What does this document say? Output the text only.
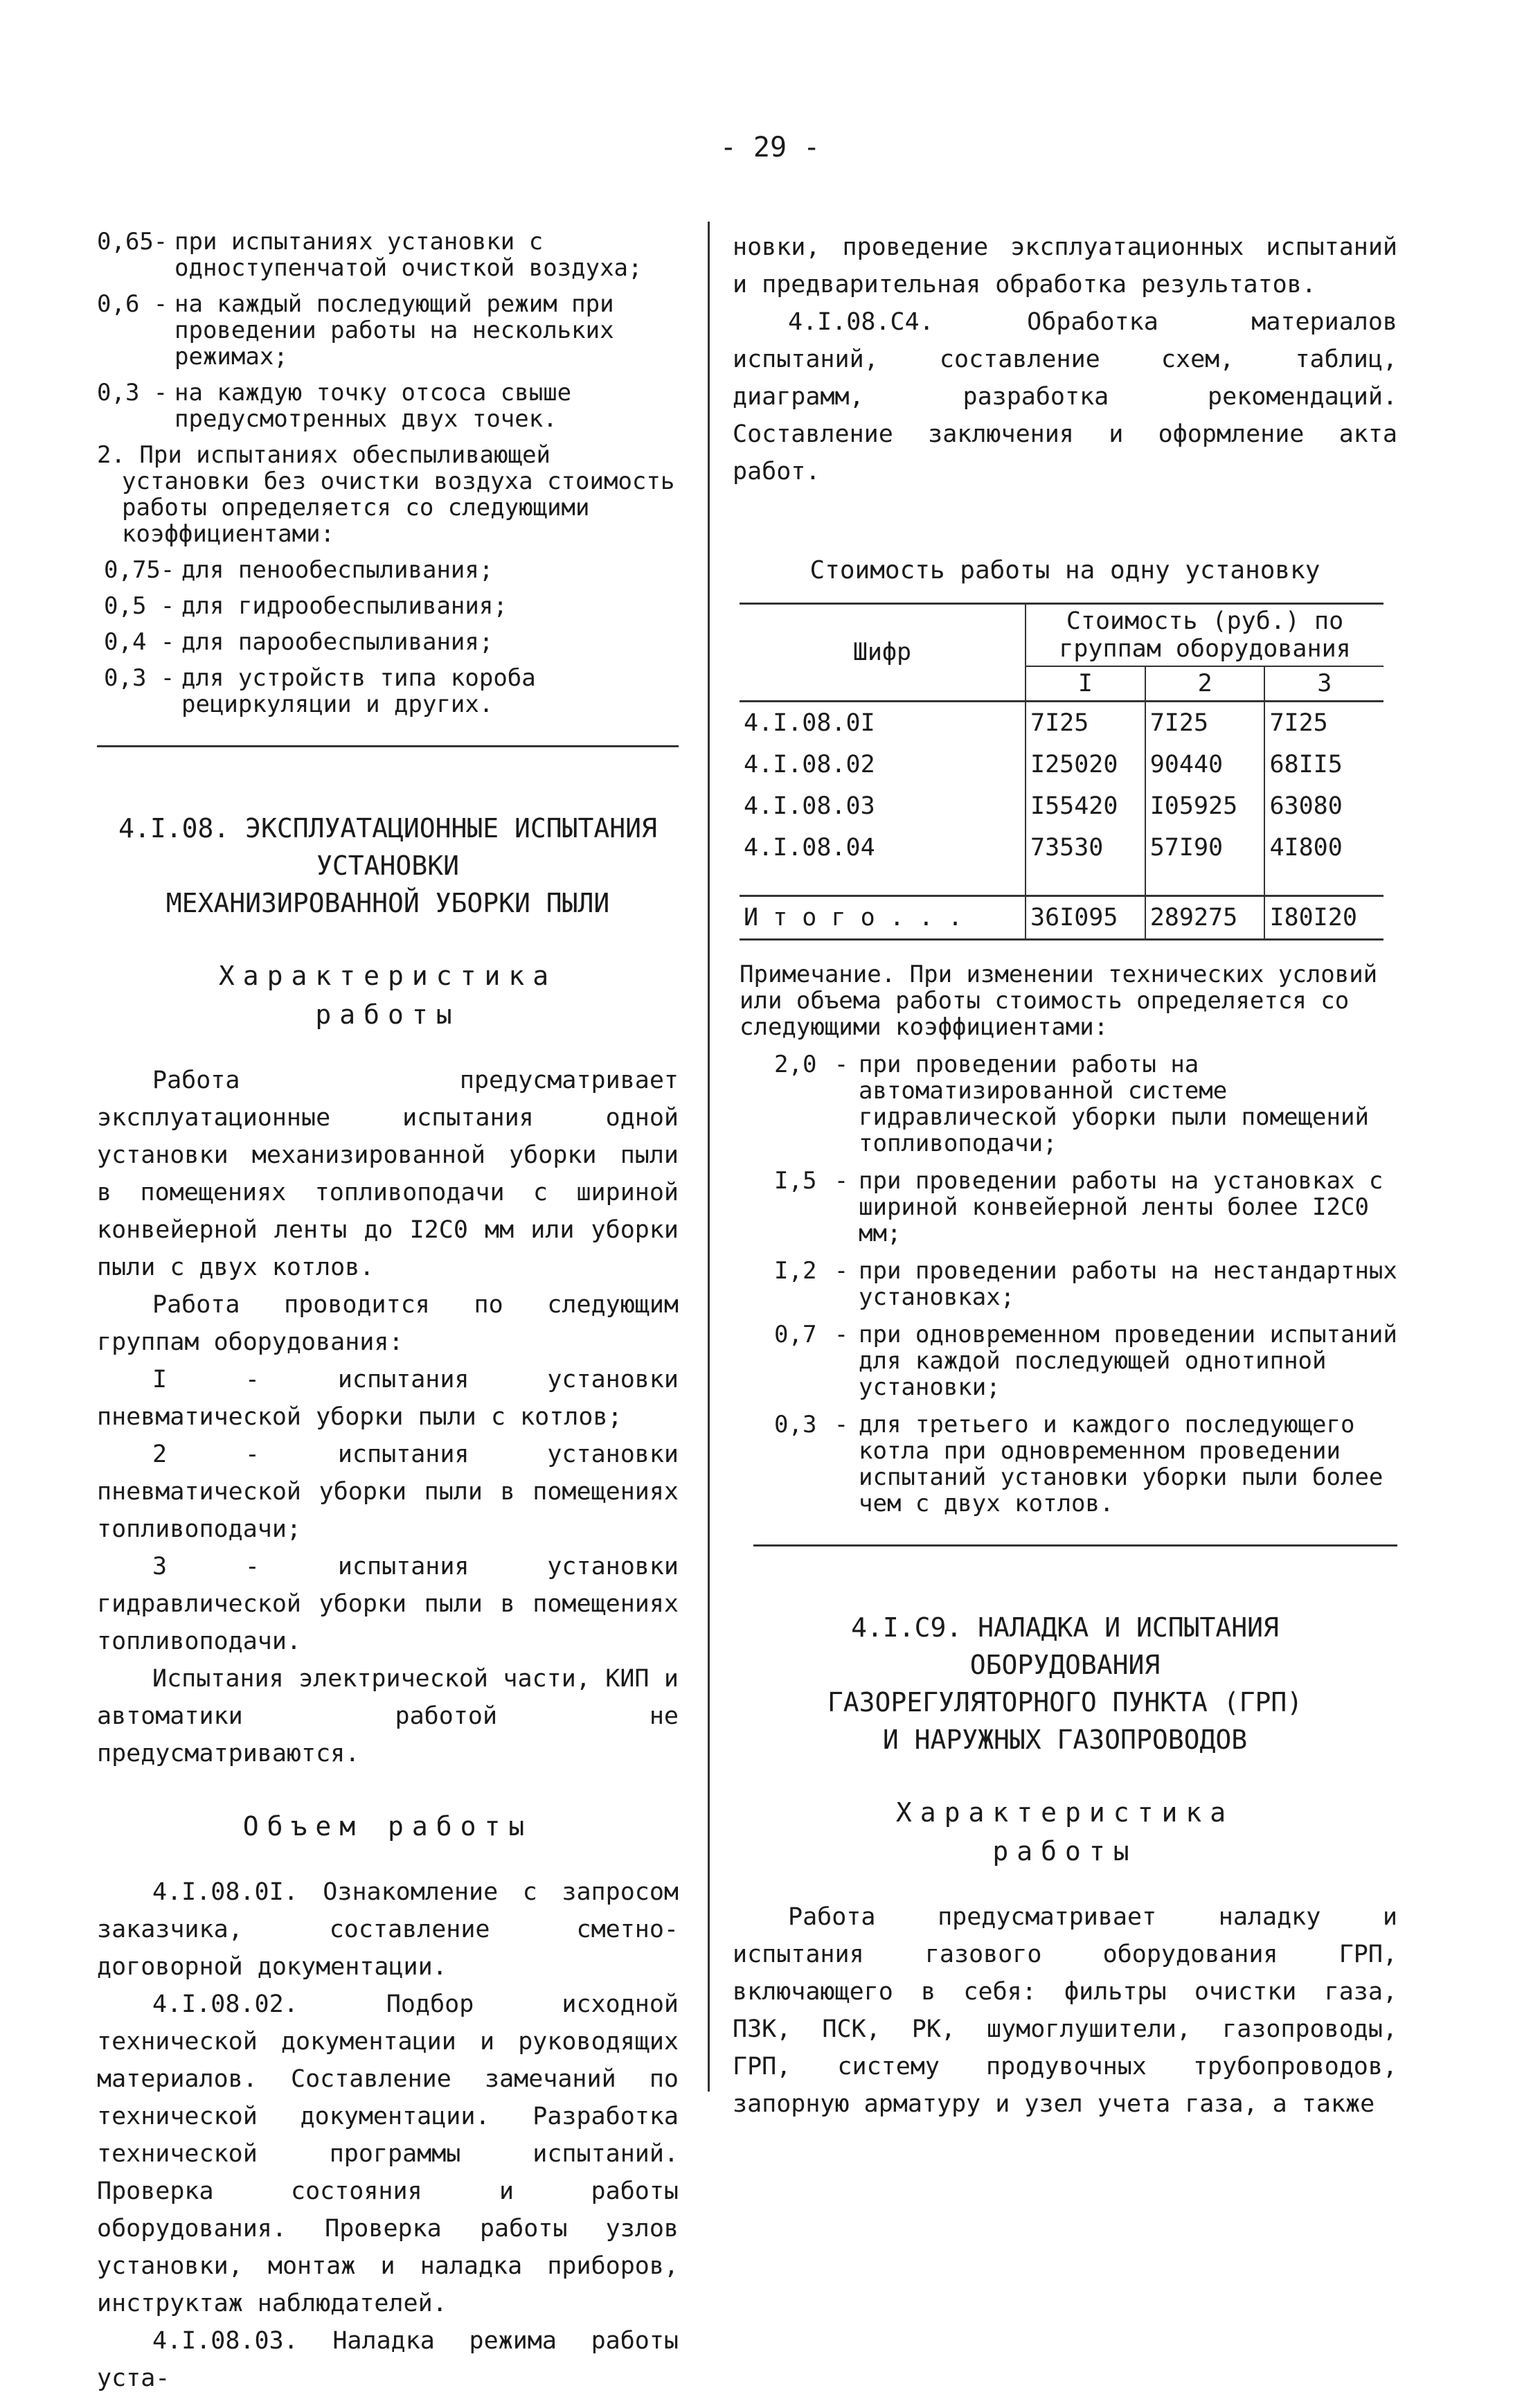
- 29 -
0,65 - при испытаниях установки с одноступенчатой очисткой воздуха;
0,6 - на каждый последующий режим при проведении работы на нескольких режимах;
0,3 - на каждую точку отсоса свыше предусмотренных двух точек.
2. При испытаниях обеспыливающей установки без очистки воздуха стоимость работы определяется со следующими коэффициентами:
0,75 - для пенообеспыливания;
0,5 - для гидрообеспыливания;
0,4 - для парообеспыливания;
0,3 - для устройств типа короба рециркуляции и других.
4.I.08. ЭКСПЛУАТАЦИОННЫЕ ИСПЫТАНИЯ
УСТАНОВКИ
МЕХАНИЗИРОВАННОЙ УБОРКИ ПЫЛИ
Характеристика
работы

Работа предусматривает эксплуатационные испытания одной установки механизированной уборки пыли в помещениях топливоподачи с шириной конвейерной ленты до I2С0 мм или уборки пыли с двух котлов.

Работа проводится по следующим группам оборудования:

I - испытания установки пневматической уборки пыли с котлов;

2 - испытания установки пневматической уборки пыли в помещениях топливоподачи;

3 - испытания установки гидравлической уборки пыли в помещениях топливоподачи.

Испытания электрической части, КИП и автоматики работой не предусматриваются.

Объем работы

4.I.08.0I. Ознакомление с запросом заказчика, составление сметно-договорной документации.

4.I.08.02. Подбор исходной технической документации и руководящих материалов. Составление замечаний по технической документации. Разработка технической программы испытаний. Проверка состояния и работы оборудования. Проверка работы узлов установки, монтаж и наладка приборов, инструктаж наблюдателей.

4.I.08.03. Наладка режима работы уста-

новки, проведение эксплуатационных испытаний и предварительная обработка результатов.

4.I.08.С4. Обработка материалов испытаний, составление схем, таблиц, диаграмм, разработка рекомендаций. Составление заключения и оформление акта работ.

Стоимость работы на одну установку
Шифр	Стоимость (руб.) по группам оборудования		
	I	2	3
4.I.08.0I	7I25	7I25	7I25
4.I.08.02	I25020	90440	68II5
4.I.08.03	I55420	I05925	63080
4.I.08.04	73530	57I90	4I800

И т о г о . . .	36I095	289275	I80I20
Примечание. При изменении технических условий или объема работы стоимость определяется со следующими коэффициентами:
2,0 - при проведении работы на автоматизированной системе гидравлической уборки пыли помещений топливоподачи;
I,5 - при проведении работы на установках с шириной конвейерной ленты более I2С0 мм;
I,2 - при проведении работы на нестандартных установках;
0,7 - при одновременном проведении испытаний для каждой последующей однотипной установки;
0,3 - для третьего и каждого последующего котла при одновременном проведении испытаний установки уборки пыли более чем с двух котлов.
4.I.С9. НАЛАДКА И ИСПЫТАНИЯ
ОБОРУДОВАНИЯ
ГАЗОРЕГУЛЯТОРНОГО ПУНКТА (ГРП)
И НАРУЖНЫХ ГАЗОПРОВОДОВ
Характеристика
работы

Работа предусматривает наладку и испытания газового оборудования ГРП, включающего в себя: фильтры очистки газа, ПЗК, ПСК, РК, шумоглушители, газопроводы, ГРП, систему продувочных трубопроводов, запорную арматуру и узел учета газа, а также
